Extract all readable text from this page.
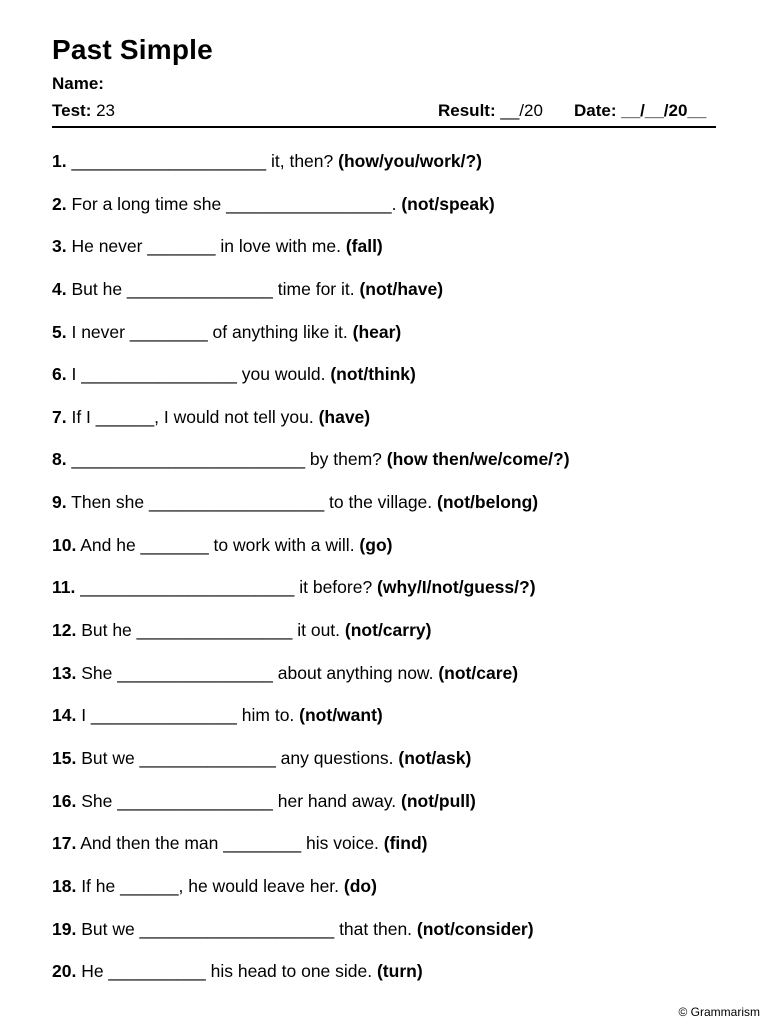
Past Simple
Name:
Test: 23	Result: __/20 Date: __/__/20__
1. ____________________ it, then? (how/you/work/?)
2. For a long time she _________________. (not/speak)
3. He never _______ in love with me. (fall)
4. But he _______________ time for it. (not/have)
5. I never ________ of anything like it. (hear)
6. I ________________ you would. (not/think)
7. If I ______, I would not tell you. (have)
8. ________________________ by them? (how then/we/come/?)
9. Then she __________________ to the village. (not/belong)
10. And he _______ to work with a will. (go)
11. ______________________ it before? (why/I/not/guess/?)
12. But he ________________ it out. (not/carry)
13. She ________________ about anything now. (not/care)
14. I _______________ him to. (not/want)
15. But we ______________ any questions. (not/ask)
16. She ________________ her hand away. (not/pull)
17. And then the man ________ his voice. (find)
18. If he ______, he would leave her. (do)
19. But we ____________________ that then. (not/consider)
20. He __________ his head to one side. (turn)
© Grammarism
